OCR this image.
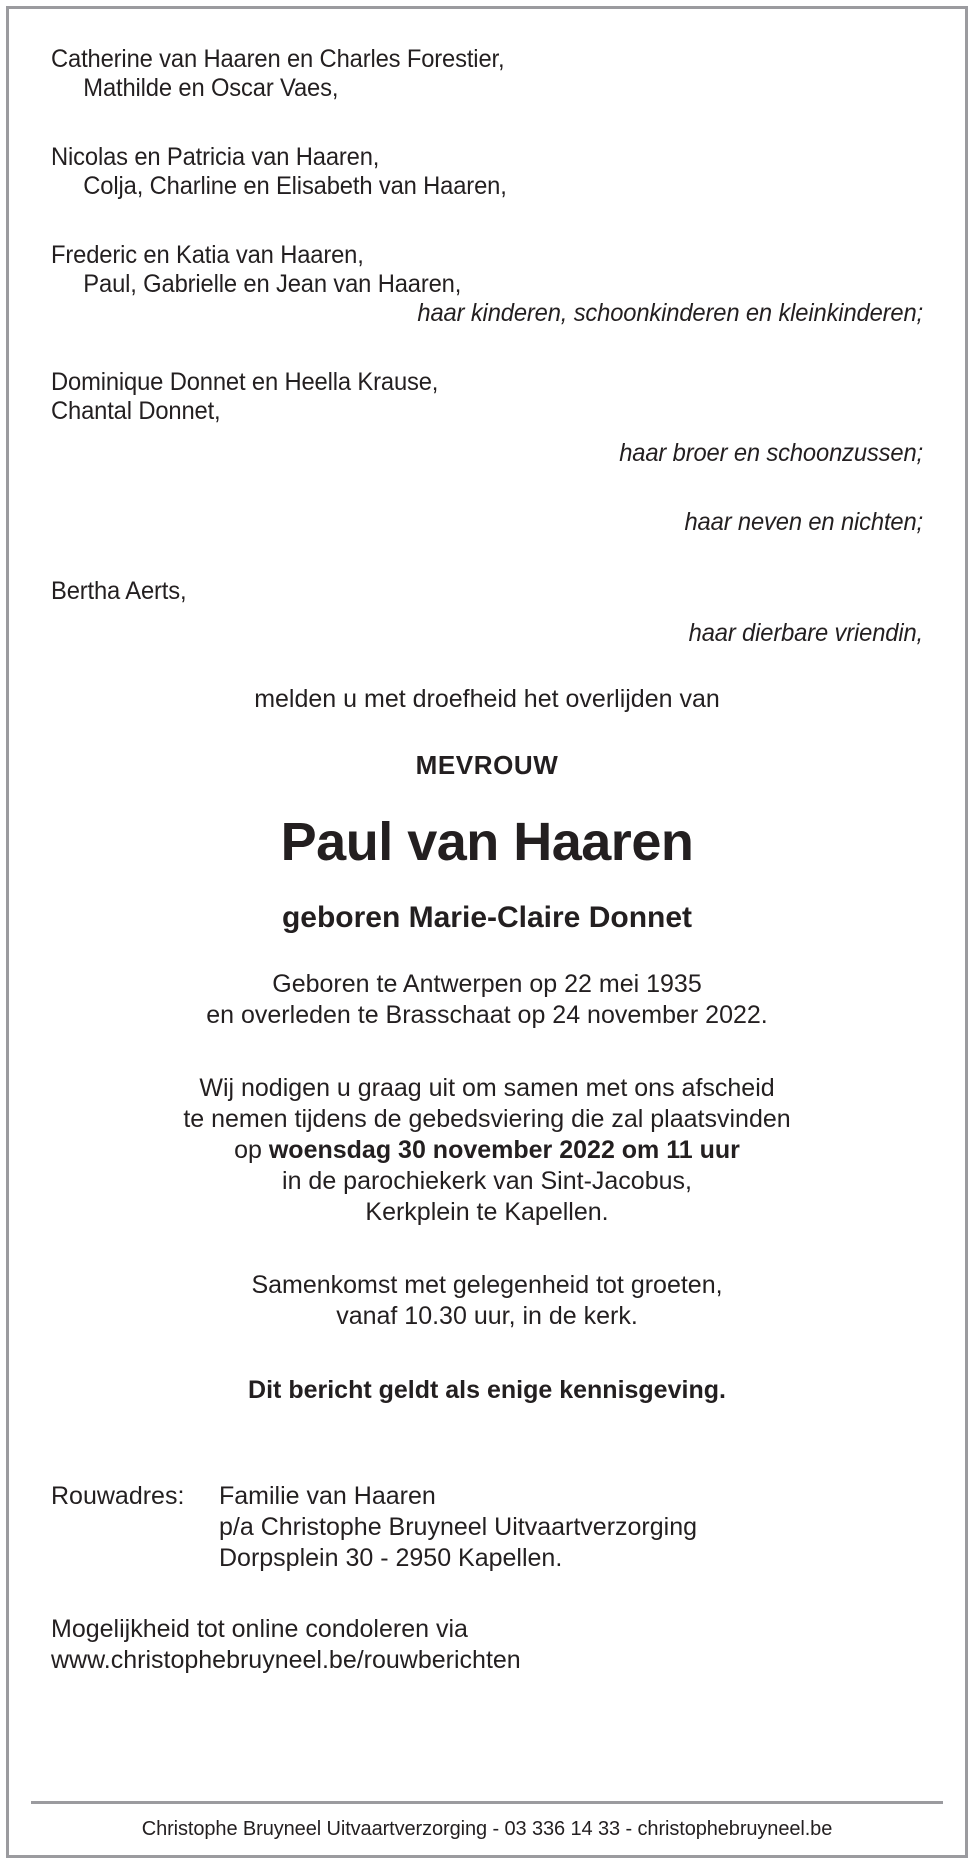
Catherine van Haaren en Charles Forestier,
Mathilde en Oscar Vaes,
Nicolas en Patricia van Haaren,
Colja, Charline en Elisabeth van Haaren,
Frederic en Katia van Haaren,
Paul, Gabrielle en Jean van Haaren,
haar kinderen, schoonkinderen en kleinkinderen;
Dominique Donnet en Heella Krause,
Chantal Donnet,
haar broer en schoonzussen;
haar neven en nichten;
Bertha Aerts,
haar dierbare vriendin,
melden u met droefheid het overlijden van
MEVROUW
Paul van Haaren
geboren Marie-Claire Donnet
Geboren te Antwerpen op 22 mei 1935
en overleden te Brasschaat op 24 november 2022.
Wij nodigen u graag uit om samen met ons afscheid
te nemen tijdens de gebedsviering die zal plaatsvinden
op woensdag 30 november 2022 om 11 uur
in de parochiekerk van Sint-Jacobus,
Kerkplein te Kapellen.
Samenkomst met gelegenheid tot groeten,
vanaf 10.30 uur, in de kerk.
Dit bericht geldt als enige kennisgeving.
Rouwadres:	Familie van Haaren
p/a Christophe Bruyneel Uitvaartverzorging
Dorpsplein 30 - 2950 Kapellen.
Mogelijkheid tot online condoleren via
www.christophebruyneel.be/rouwberichten
Christophe Bruyneel Uitvaartverzorging - 03 336 14 33 - christophebruyneel.be
